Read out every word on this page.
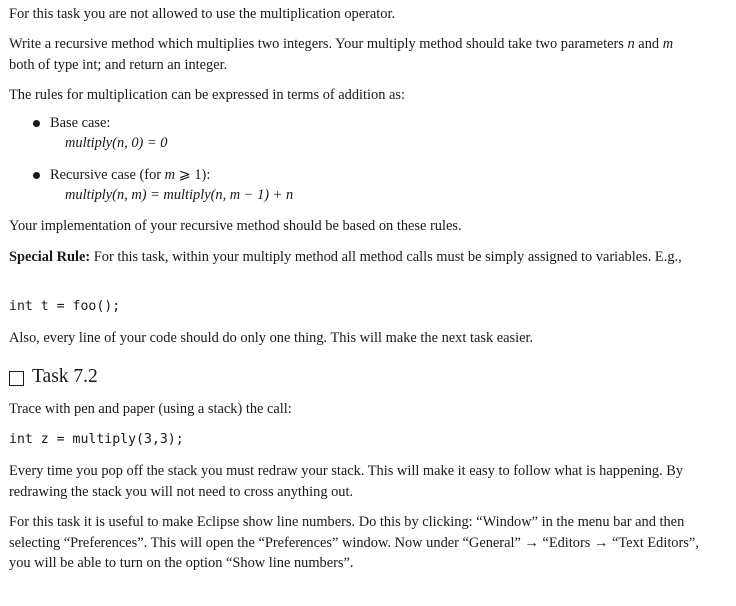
For this task you are not allowed to use the multiplication operator.

Write a recursive method which multiplies two integers. Your multiply method should take two parameters n and m both of type int; and return an integer.

The rules for multiplication can be expressed in terms of addition as:

Base case:
multiply(n, 0) = 0
Recursive case (for m ⩾ 1):
multiply(n, m) = multiply(n, m − 1) + n

Your implementation of your recursive method should be based on these rules.

Special Rule: For this task, within your multiply method all method calls must be simply assigned to variables. E.g.,

int t = foo();

Also, every line of your code should do only one thing. This will make the next task easier.

Task 7.2

Trace with pen and paper (using a stack) the call:

int z = multiply(3,3);

Every time you pop off the stack you must redraw your stack. This will make it easy to follow what is happening. By redrawing the stack you will not need to cross anything out.

For this task it is useful to make Eclipse show line numbers. Do this by clicking: “Window” in the menu bar and then selecting “Preferences”. This will open the “Preferences” window. Now under “General” → “Editors → “Text Editors”, you will be able to turn on the option “Show line numbers”.
